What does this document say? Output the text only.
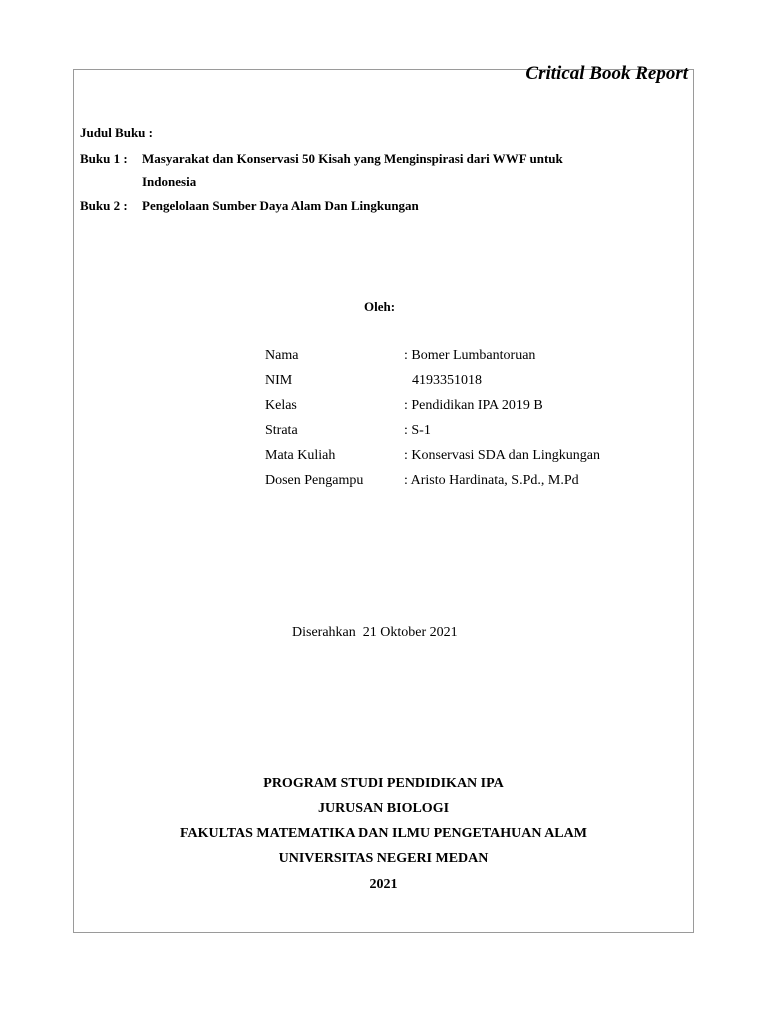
Critical Book Report
Judul Buku :
Buku 1 : Masyarakat dan Konservasi 50 Kisah yang Menginspirasi dari WWF untuk
Indonesia
Buku 2 : Pengelolaan Sumber Daya Alam Dan Lingkungan
Oleh:
Nama	: Bomer Lumbantoruan
NIM	4193351018
Kelas	: Pendidikan IPA 2019 B
Strata	: S-1
Mata Kuliah	: Konservasi SDA dan Lingkungan
Dosen Pengampu	: Aristo Hardinata, S.Pd., M.Pd
Diserahkan  21 Oktober 2021
PROGRAM STUDI PENDIDIKAN IPA
JURUSAN BIOLOGI
FAKULTAS MATEMATIKA DAN ILMU PENGETAHUAN ALAM
UNIVERSITAS NEGERI MEDAN
2021
